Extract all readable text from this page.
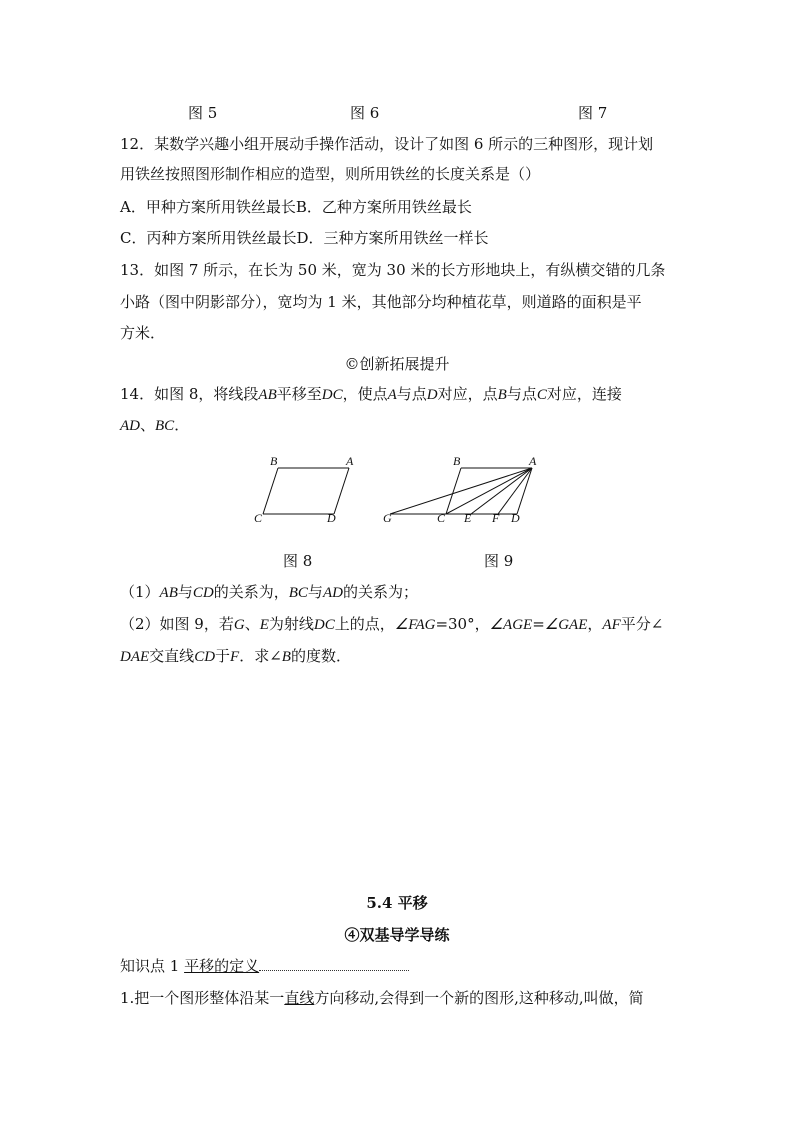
图 5	图 6	图 7
12．某数学兴趣小组开展动手操作活动，设计了如图 6 所示的三种图形，现计划
用铁丝按照图形制作相应的造型，则所用铁丝的长度关系是（）
A．甲种方案所用铁丝最长B．乙种方案所用铁丝最长
C．丙种方案所用铁丝最长D．三种方案所用铁丝一样长
13．如图 7 所示，在长为 50 米，宽为 30 米的长方形地块上，有纵横交错的几条
小路（图中阴影部分），宽均为 1 米，其他部分均种植花草，则道路的面积是平
方米．
©创新拓展提升
14．如图 8，将线段AB平移至DC，使点A与点D对应，点B与点C对应，连接
AD、BC．
B	A
C	D
图 8
B	A
G	C E F D
图 9
（1）AB与CD的关系为，BC与AD的关系为；
（2）如图 9，若G、E为射线DC上的点，∠FAG=30°，∠AGE=∠GAE，AF平分∠
DAE交直线CD于F．求∠B的度数．
5.4 平移
④双基导学导练
知识点 1 平移的定义
1.把一个图形整体沿某一直线方向移动,会得到一个新的图形,这种移动,叫做，简
